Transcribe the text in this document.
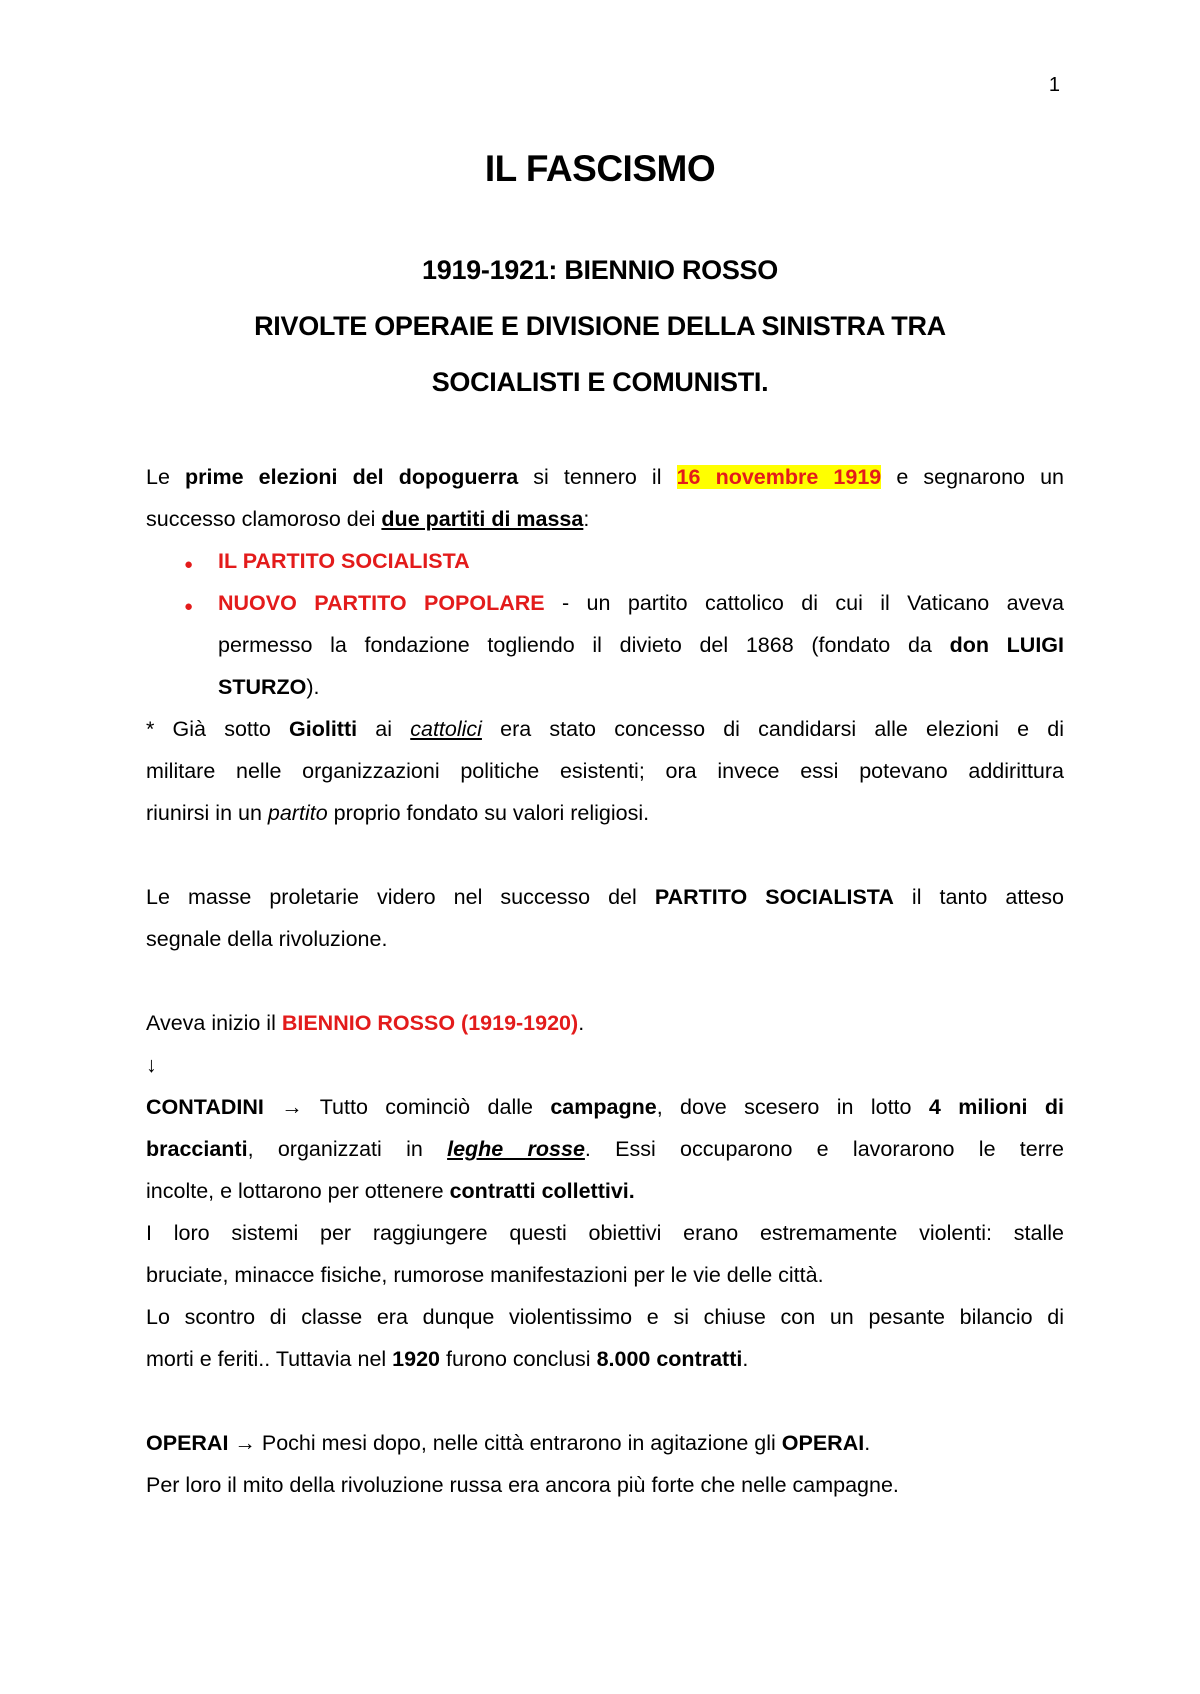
1
IL FASCISMO
1919-1921: BIENNIO ROSSO
RIVOLTE OPERAIE E DIVISIONE DELLA SINISTRA TRA
SOCIALISTI E COMUNISTI.

Le prime elezioni del dopoguerra si tennero il 16 novembre 1919 e segnarono un

successo clamoroso dei due partiti di massa:

● IL PARTITO SOCIALISTA

● NUOVO PARTITO POPOLARE - un partito cattolico di cui il Vaticano aveva

permesso la fondazione togliendo il divieto del 1868 (fondato da don LUIGI

STURZO).

* Già sotto Giolitti ai cattolici era stato concesso di candidarsi alle elezioni e di

militare nelle organizzazioni politiche esistenti; ora invece essi potevano addirittura

riunirsi in un partito proprio fondato su valori religiosi.

Le masse proletarie videro nel successo del PARTITO SOCIALISTA il tanto atteso

segnale della rivoluzione.

Aveva inizio il BIENNIO ROSSO (1919-1920).

↓

CONTADINI → Tutto cominciò dalle campagne, dove scesero in lotto 4 milioni di

braccianti, organizzati in leghe rosse. Essi occuparono e lavorarono le terre

incolte, e lottarono per ottenere contratti collettivi.

I loro sistemi per raggiungere questi obiettivi erano estremamente violenti: stalle

bruciate, minacce fisiche, rumorose manifestazioni per le vie delle città.

Lo scontro di classe era dunque violentissimo e si chiuse con un pesante bilancio di

morti e feriti.. Tuttavia nel 1920 furono conclusi 8.000 contratti.

OPERAI → Pochi mesi dopo, nelle città entrarono in agitazione gli OPERAI.

Per loro il mito della rivoluzione russa era ancora più forte che nelle campagne.
